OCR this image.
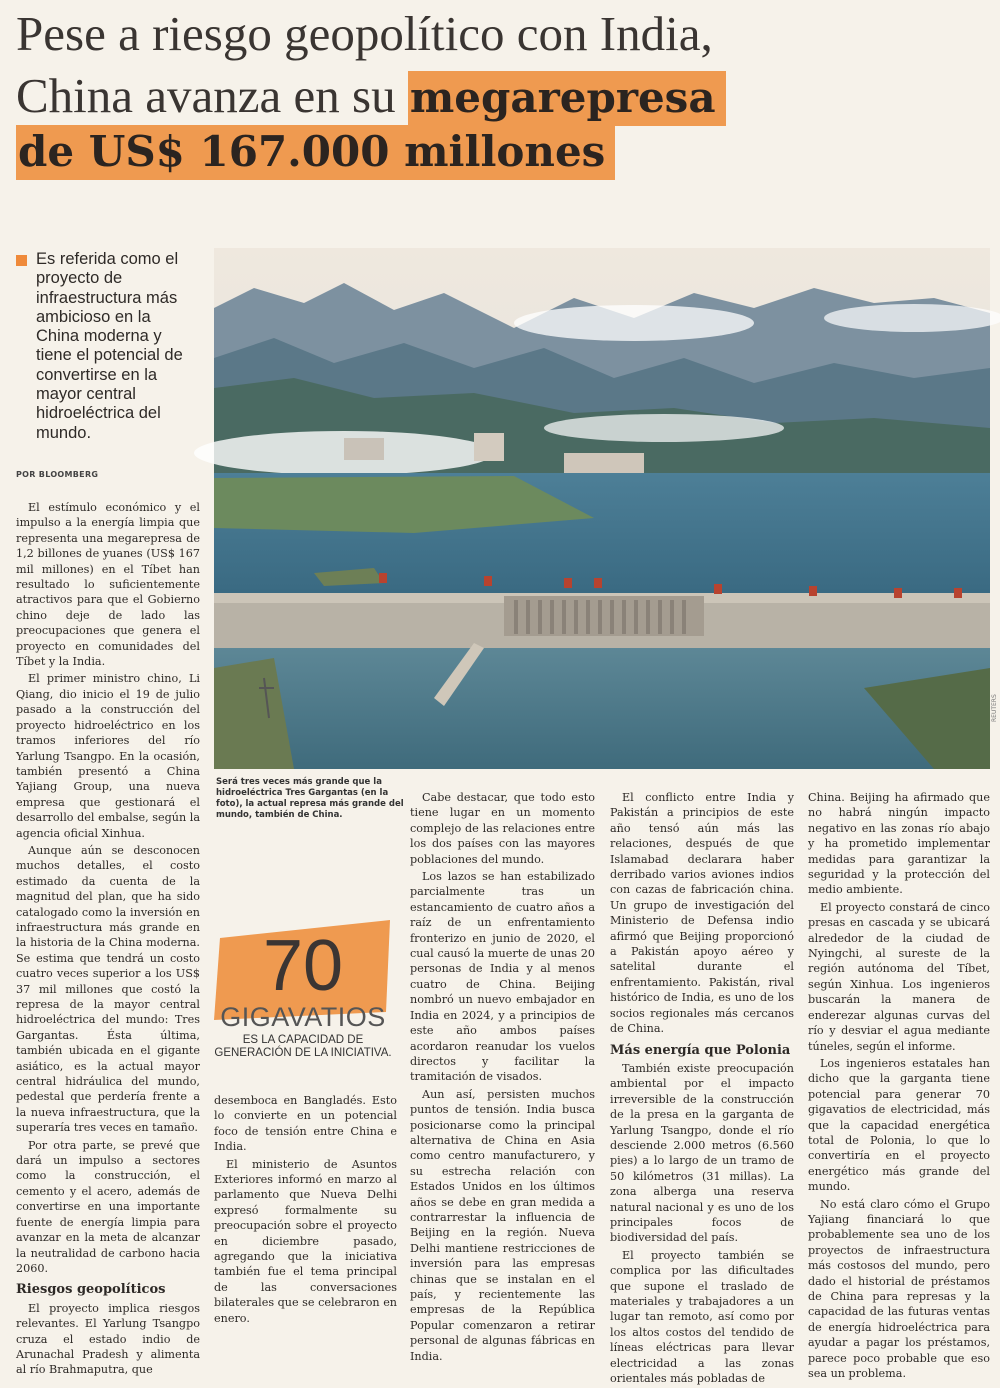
Pese a riesgo geopolítico con India,
China avanza en su megarepresa
de US$ 167.000 millones

Es referida como el proyecto de infraestructura más ambicioso en la China moderna y tiene el potencial de convertirse en la mayor central hidroeléctrica del mundo.

POR BLOOMBERG
REUTERS
Será tres veces más grande que la hidroeléctrica Tres Gargantas (en la foto), la actual represa más grande del mundo, también de China.
70
GIGAVATIOS
ES LA CAPACIDAD DE GENERACIÓN DE LA INICIATIVA.

El estímulo económico y el impulso a la energía limpia que representa una megarepresa de 1,2 billones de yuanes (US$ 167 mil millones) en el Tíbet han resultado lo suficientemente atractivos para que el Gobierno chino deje de lado las preocupaciones que genera el proyecto en comunidades del Tíbet y la India.

El primer ministro chino, Li Qiang, dio inicio el 19 de julio pasado a la construcción del proyecto hidroeléctrico en los tramos inferiores del río Yarlung Tsangpo. En la ocasión, también presentó a China Yajiang Group, una nueva empresa que gestionará el desarrollo del embalse, según la agencia oficial Xinhua.

Aunque aún se desconocen muchos detalles, el costo estimado da cuenta de la magnitud del plan, que ha sido catalogado como la inversión en infraestructura más grande en la historia de la China moderna. Se estima que tendrá un costo cuatro veces superior a los US$ 37 mil millones que costó la represa de la mayor central hidroeléctrica del mundo: Tres Gargantas. Ésta última, también ubicada en el gigante asiático, es la actual mayor central hidráulica del mundo, pedestal que perdería frente a la nueva infraestructura, que la superaría tres veces en tamaño.

Por otra parte, se prevé que dará un impulso a sectores como la construcción, el cemento y el acero, además de convertirse en una importante fuente de energía limpia para avanzar en la meta de alcanzar la neutralidad de carbono hacia 2060.

Riesgos geopolíticos

El proyecto implica riesgos relevantes. El Yarlung Tsangpo cruza el estado indio de Arunachal Pradesh y alimenta al río Brahmaputra, que

desemboca en Bangladés. Esto lo convierte en un potencial foco de tensión entre China e India.

El ministerio de Asuntos Exteriores informó en marzo al parlamento que Nueva Delhi expresó formalmente su preocupación sobre el proyecto en diciembre pasado, agregando que la iniciativa también fue el tema principal de las conversaciones bilaterales que se celebraron en enero.

Cabe destacar, que todo esto tiene lugar en un momento complejo de las relaciones entre los dos países con las mayores poblaciones del mundo.

Los lazos se han estabilizado parcialmente tras un estancamiento de cuatro años a raíz de un enfrentamiento fronterizo en junio de 2020, el cual causó la muerte de unas 20 personas de India y al menos cuatro de China. Beijing nombró un nuevo embajador en India en 2024, y a principios de este año ambos países acordaron reanudar los vuelos directos y facilitar la tramitación de visados.

Aun así, persisten muchos puntos de tensión. India busca posicionarse como la principal alternativa de China en Asia como centro manufacturero, y su estrecha relación con Estados Unidos en los últimos años se debe en gran medida a contrarrestar la influencia de Beijing en la región. Nueva Delhi mantiene restricciones de inversión para las empresas chinas que se instalan en el país, y recientemente las empresas de la República Popular comenzaron a retirar personal de algunas fábricas en India.

El conflicto entre India y Pakistán a principios de este año tensó aún más las relaciones, después de que Islamabad declarara haber derribado varios aviones indios con cazas de fabricación china. Un grupo de investigación del Ministerio de Defensa indio afirmó que Beijing proporcionó a Pakistán apoyo aéreo y satelital durante el enfrentamiento. Pakistán, rival histórico de India, es uno de los socios regionales más cercanos de China.

Más energía que Polonia

También existe preocupación ambiental por el impacto irreversible de la construcción de la presa en la garganta de Yarlung Tsangpo, donde el río desciende 2.000 metros (6.560 pies) a lo largo de un tramo de 50 kilómetros (31 millas). La zona alberga una reserva natural nacional y es uno de los principales focos de biodiversidad del país.

El proyecto también se complica por las dificultades que supone el traslado de materiales y trabajadores a un lugar tan remoto, así como por los altos costos del tendido de líneas eléctricas para llevar electricidad a las zonas orientales más pobladas de

China. Beijing ha afirmado que no habrá ningún impacto negativo en las zonas río abajo y ha prometido implementar medidas para garantizar la seguridad y la protección del medio ambiente.

El proyecto constará de cinco presas en cascada y se ubicará alrededor de la ciudad de Nyingchi, al sureste de la región autónoma del Tíbet, según Xinhua. Los ingenieros buscarán la manera de enderezar algunas curvas del río y desviar el agua mediante túneles, según el informe.

Los ingenieros estatales han dicho que la garganta tiene potencial para generar 70 gigavatios de electricidad, más que la capacidad energética total de Polonia, lo que lo convertiría en el proyecto energético más grande del mundo.

No está claro cómo el Grupo Yajiang financiará lo que probablemente sea uno de los proyectos de infraestructura más costosos del mundo, pero dado el historial de préstamos de China para represas y la capacidad de las futuras ventas de energía hidroeléctrica para ayudar a pagar los préstamos, parece poco probable que eso sea un problema.
